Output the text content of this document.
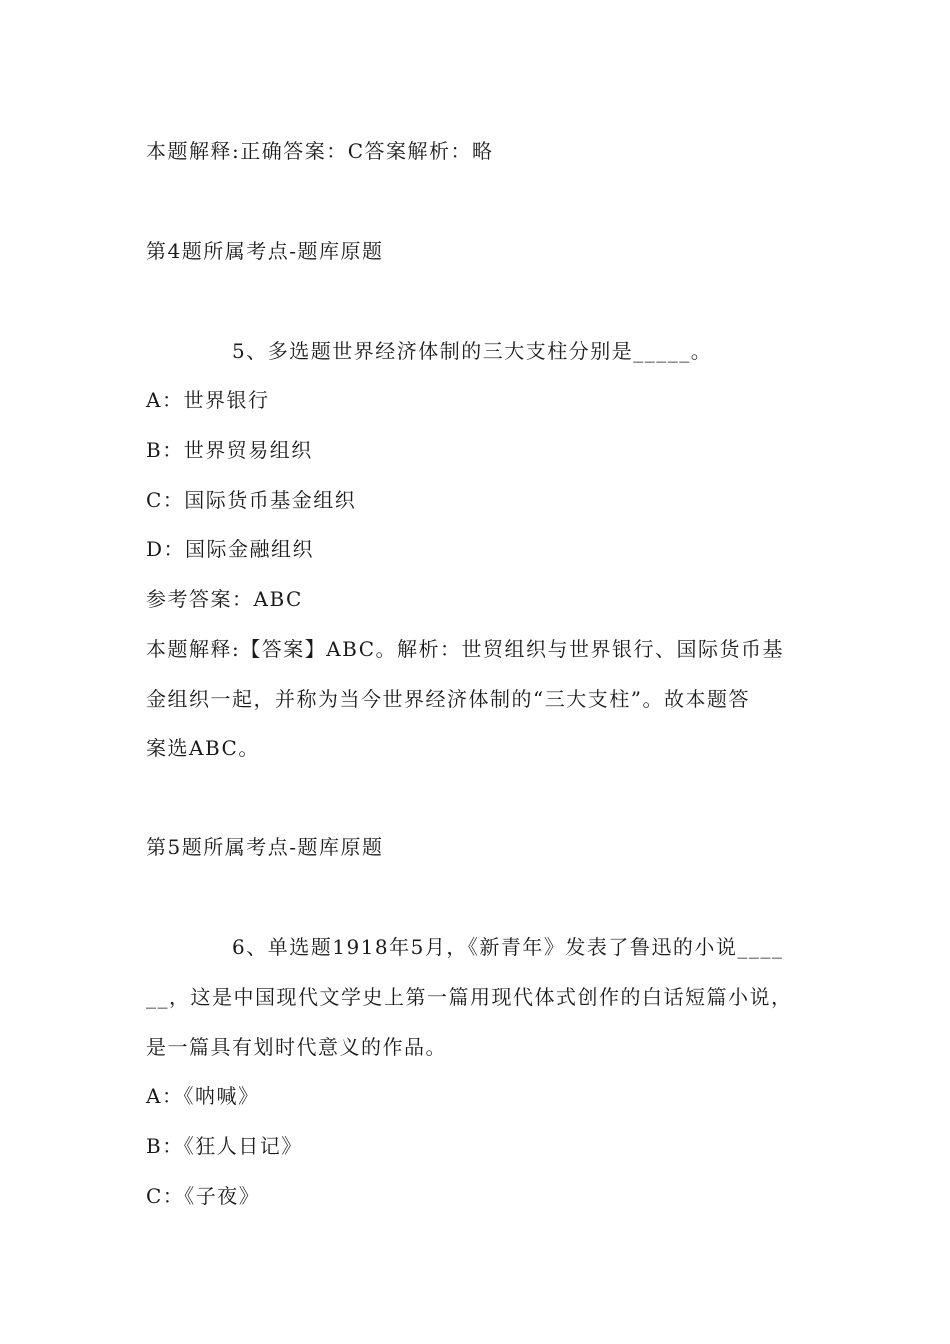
本题解释:正确答案：C答案解析：略
第4题所属考点-题库原题
5、多选题世界经济体制的三大支柱分别是_____。
A：世界银行
B：世界贸易组织
C：国际货币基金组织
D：国际金融组织
参考答案：ABC
本题解释:【答案】ABC。解析：世贸组织与世界银行、国际货币基
金组织一起，并称为当今世界经济体制的“三大支柱”。故本题答
案选ABC。
第5题所属考点-题库原题
6、单选题1918年5月，《新青年》发表了鲁迅的小说____
__，这是中国现代文学史上第一篇用现代体式创作的白话短篇小说，
是一篇具有划时代意义的作品。
A：《呐喊》
B：《狂人日记》
C：《子夜》
